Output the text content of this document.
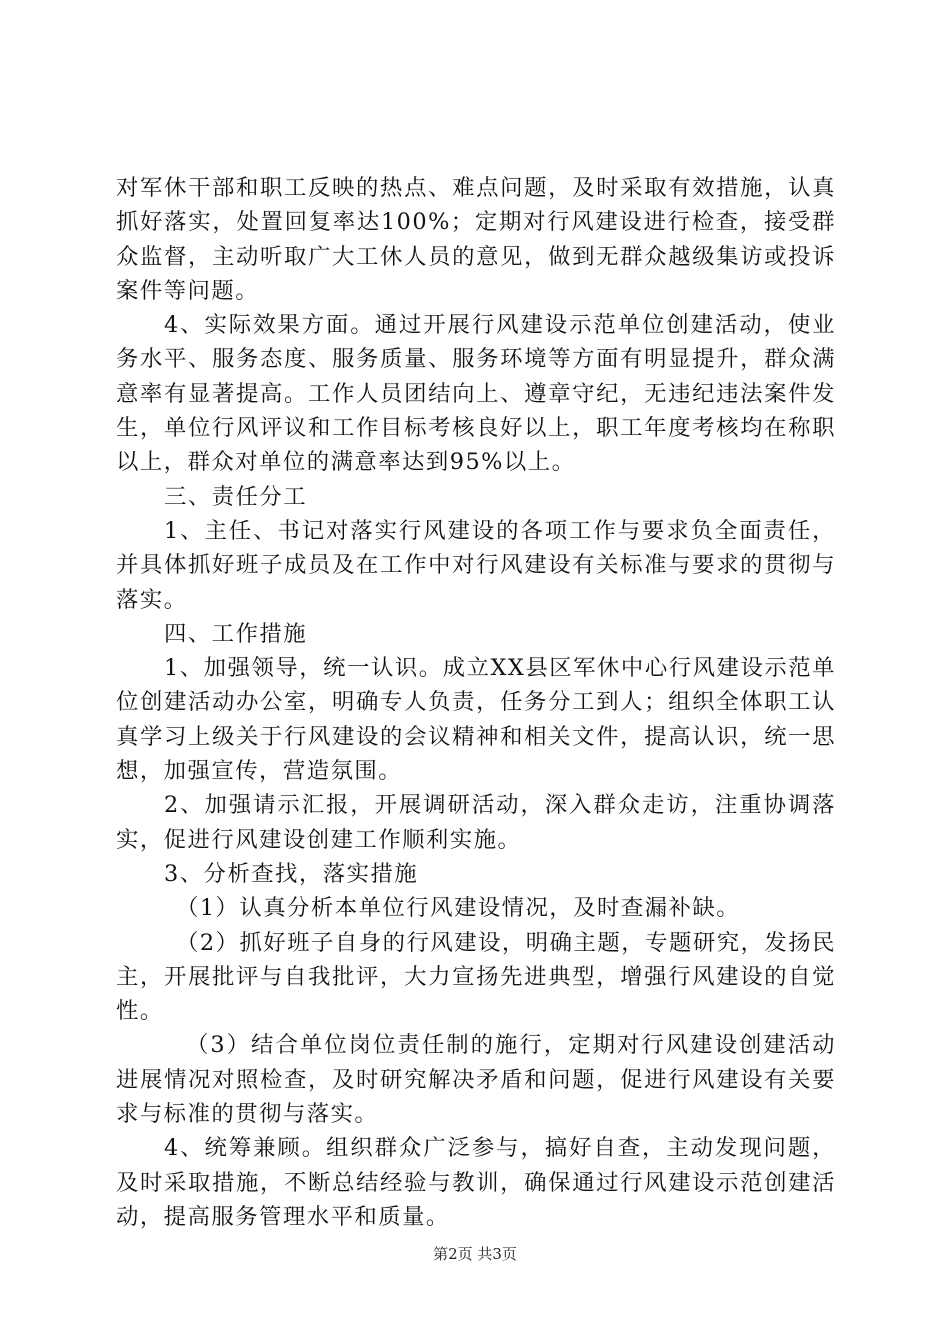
对军休干部和职工反映的热点、难点问题，及时采取有效措施，认真抓好落实，处置回复率达100%；定期对行风建设进行检查，接受群众监督，主动听取广大工休人员的意见，做到无群众越级集访或投诉案件等问题。

4、实际效果方面。通过开展行风建设示范单位创建活动，使业务水平、服务态度、服务质量、服务环境等方面有明显提升，群众满意率有显著提高。工作人员团结向上、遵章守纪，无违纪违法案件发生，单位行风评议和工作目标考核良好以上，职工年度考核均在称职以上，群众对单位的满意率达到95%以上。

三、责任分工

1、主任、书记对落实行风建设的各项工作与要求负全面责任，并具体抓好班子成员及在工作中对行风建设有关标准与要求的贯彻与落实。

四、工作措施

1、加强领导，统一认识。成立XX县区军休中心行风建设示范单位创建活动办公室，明确专人负责，任务分工到人；组织全体职工认真学习上级关于行风建设的会议精神和相关文件，提高认识，统一思想，加强宣传，营造氛围。

2、加强请示汇报，开展调研活动，深入群众走访，注重协调落实，促进行风建设创建工作顺利实施。

3、分析查找，落实措施

（1）认真分析本单位行风建设情况，及时查漏补缺。

（2）抓好班子自身的行风建设，明确主题，专题研究，发扬民主，开展批评与自我批评，大力宣扬先进典型，增强行风建设的自觉性。

（3）结合单位岗位责任制的施行，定期对行风建设创建活动进展情况对照检查，及时研究解决矛盾和问题，促进行风建设有关要求与标准的贯彻与落实。

4、统筹兼顾。组织群众广泛参与，搞好自查，主动发现问题，及时采取措施，不断总结经验与教训，确保通过行风建设示范创建活动，提高服务管理水平和质量。

第2页 共3页
